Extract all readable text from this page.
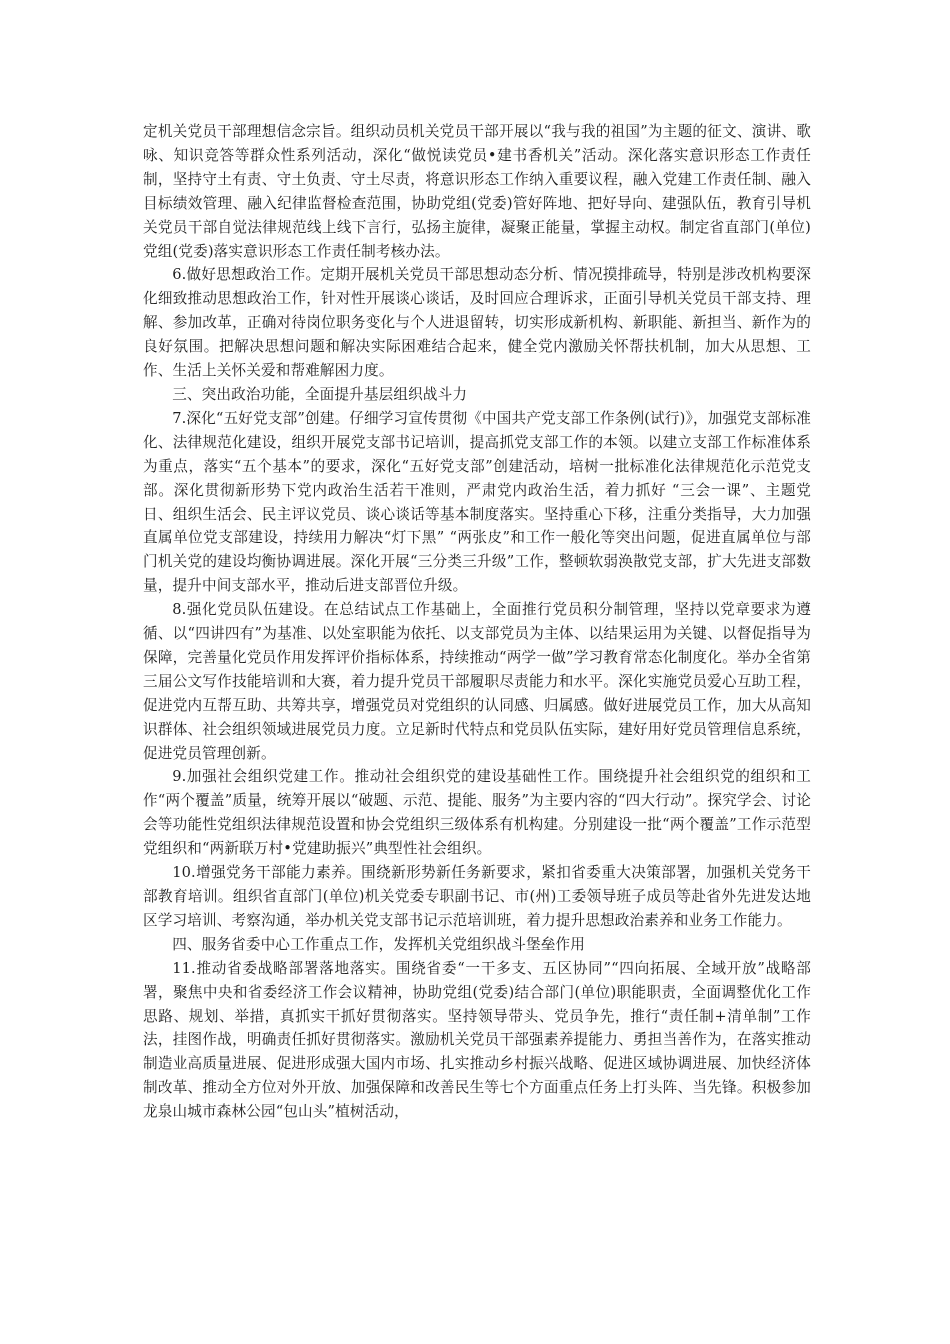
定机关党员干部理想信念宗旨。组织动员机关党员干部开展以“我与我的祖国”为主题的征文、演讲、歌咏、知识竞答等群众性系列活动，深化“做悦读党员•建书香机关”活动。深化落实意识形态工作责任制，坚持守土有责、守土负责、守土尽责，将意识形态工作纳入重要议程，融入党建工作责任制、融入目标绩效管理、融入纪律监督检查范围，协助党组(党委)管好阵地、把好导向、建强队伍，教育引导机关党员干部自觉法律规范线上线下言行，弘扬主旋律，凝聚正能量，掌握主动权。制定省直部门(单位)党组(党委)落实意识形态工作责任制考核办法。

6.做好思想政治工作。定期开展机关党员干部思想动态分析、情况摸排疏导，特别是涉改机构要深化细致推动思想政治工作，针对性开展谈心谈话，及时回应合理诉求，正面引导机关党员干部支持、理解、参加改革，正确对待岗位职务变化与个人进退留转，切实形成新机构、新职能、新担当、新作为的良好氛围。把解决思想问题和解决实际困难结合起来，健全党内激励关怀帮扶机制，加大从思想、工作、生活上关怀关爱和帮难解困力度。

三、突出政治功能，全面提升基层组织战斗力

7.深化“五好党支部”创建。仔细学习宣传贯彻《中国共产党支部工作条例(试行)》，加强党支部标准化、法律规范化建设，组织开展党支部书记培训，提高抓党支部工作的本领。以建立支部工作标准体系为重点，落实“五个基本”的要求，深化“五好党支部”创建活动，培树一批标准化法律规范化示范党支部。深化贯彻新形势下党内政治生活若干准则，严肃党内政治生活，着力抓好 “三会一课”、主题党日、组织生活会、民主评议党员、谈心谈话等基本制度落实。坚持重心下移，注重分类指导，大力加强直属单位党支部建设，持续用力解决“灯下黑” “两张皮”和工作一般化等突出问题，促进直属单位与部门机关党的建设均衡协调进展。深化开展“三分类三升级”工作，整顿软弱涣散党支部，扩大先进支部数量，提升中间支部水平，推动后进支部晋位升级。

8.强化党员队伍建设。在总结试点工作基础上，全面推行党员积分制管理，坚持以党章要求为遵循、以“四讲四有”为基准、以处室职能为依托、以支部党员为主体、以结果运用为关键、以督促指导为保障，完善量化党员作用发挥评价指标体系，持续推动“两学一做”学习教育常态化制度化。举办全省第三届公文写作技能培训和大赛，着力提升党员干部履职尽责能力和水平。深化实施党员爱心互助工程，促进党内互帮互助、共筹共享，增强党员对党组织的认同感、归属感。做好进展党员工作，加大从高知识群体、社会组织领域进展党员力度。立足新时代特点和党员队伍实际，建好用好党员管理信息系统，促进党员管理创新。

9.加强社会组织党建工作。推动社会组织党的建设基础性工作。围绕提升社会组织党的组织和工作“两个覆盖”质量，统筹开展以“破题、示范、提能、服务”为主要内容的“四大行动”。探究学会、讨论会等功能性党组织法律规范设置和协会党组织三级体系有机构建。分别建设一批“两个覆盖”工作示范型党组织和“两新联万村•党建助振兴”典型性社会组织。

10.增强党务干部能力素养。围绕新形势新任务新要求，紧扣省委重大决策部署，加强机关党务干部教育培训。组织省直部门(单位)机关党委专职副书记、市(州)工委领导班子成员等赴省外先进发达地区学习培训、考察沟通，举办机关党支部书记示范培训班，着力提升思想政治素养和业务工作能力。

四、服务省委中心工作重点工作，发挥机关党组织战斗堡垒作用

11.推动省委战略部署落地落实。围绕省委“一干多支、五区协同”“四向拓展、全域开放”战略部署，聚焦中央和省委经济工作会议精神，协助党组(党委)结合部门(单位)职能职责，全面调整优化工作思路、规划、举措，真抓实干抓好贯彻落实。坚持领导带头、党员争先，推行“责任制+清单制”工作法，挂图作战，明确责任抓好贯彻落实。激励机关党员干部强素养提能力、勇担当善作为，在落实推动制造业高质量进展、促进形成强大国内市场、扎实推动乡村振兴战略、促进区域协调进展、加快经济体制改革、推动全方位对外开放、加强保障和改善民生等七个方面重点任务上打头阵、当先锋。积极参加龙泉山城市森林公园“包山头”植树活动，
